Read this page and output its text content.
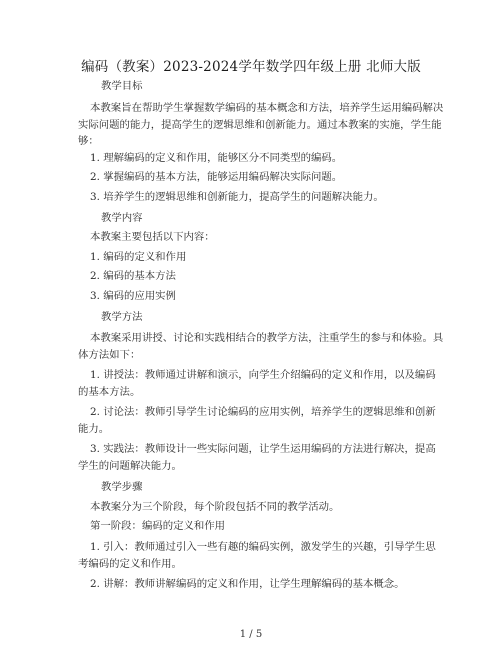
编码（教案）2023-2024学年数学四年级上册 北师大版
教学目标
本教案旨在帮助学生掌握数学编码的基本概念和方法，培养学生运用编码解决
实际问题的能力，提高学生的逻辑思维和创新能力。通过本教案的实施，学生能
够：
1. 理解编码的定义和作用，能够区分不同类型的编码。
2. 掌握编码的基本方法，能够运用编码解决实际问题。
3. 培养学生的逻辑思维和创新能力，提高学生的问题解决能力。
教学内容
本教案主要包括以下内容：
1. 编码的定义和作用
2. 编码的基本方法
3. 编码的应用实例
教学方法
本教案采用讲授、讨论和实践相结合的教学方法，注重学生的参与和体验。具
体方法如下：
1. 讲授法：教师通过讲解和演示，向学生介绍编码的定义和作用，以及编码
的基本方法。
2. 讨论法：教师引导学生讨论编码的应用实例，培养学生的逻辑思维和创新
能力。
3. 实践法：教师设计一些实际问题，让学生运用编码的方法进行解决，提高
学生的问题解决能力。
教学步骤
本教案分为三个阶段，每个阶段包括不同的教学活动。
第一阶段：编码的定义和作用
1. 引入：教师通过引入一些有趣的编码实例，激发学生的兴趣，引导学生思
考编码的定义和作用。
2. 讲解：教师讲解编码的定义和作用，让学生理解编码的基本概念。
1 / 5
